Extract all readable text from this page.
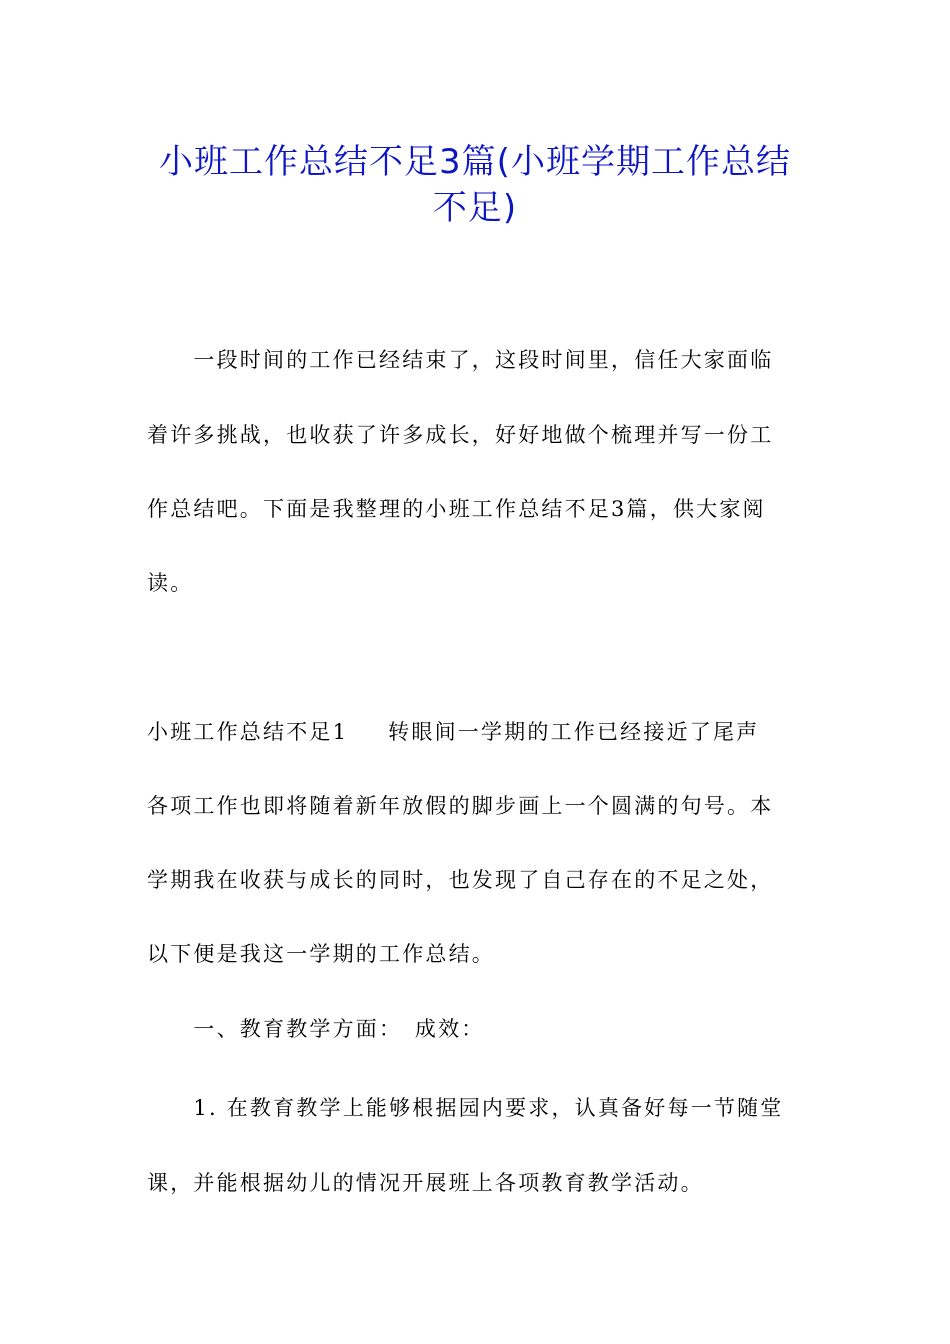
小班工作总结不足3篇(小班学期工作总结
不足)
　　一段时间的工作已经结束了，这段时间里，信任大家面临
着许多挑战，也收获了许多成长，好好地做个梳理并写一份工
作总结吧。下面是我整理的小班工作总结不足3篇，供大家阅
读。
小班工作总结不足1 转眼间一学期的工作已经接近了尾声
各项工作也即将随着新年放假的脚步画上一个圆满的句号。本
学期我在收获与成长的同时，也发现了自己存在的不足之处，
以下便是我这一学期的工作总结。
　　一、教育教学方面：　成效：
　　1. 在教育教学上能够根据园内要求，认真备好每一节随堂
课，并能根据幼儿的情况开展班上各项教育教学活动。
